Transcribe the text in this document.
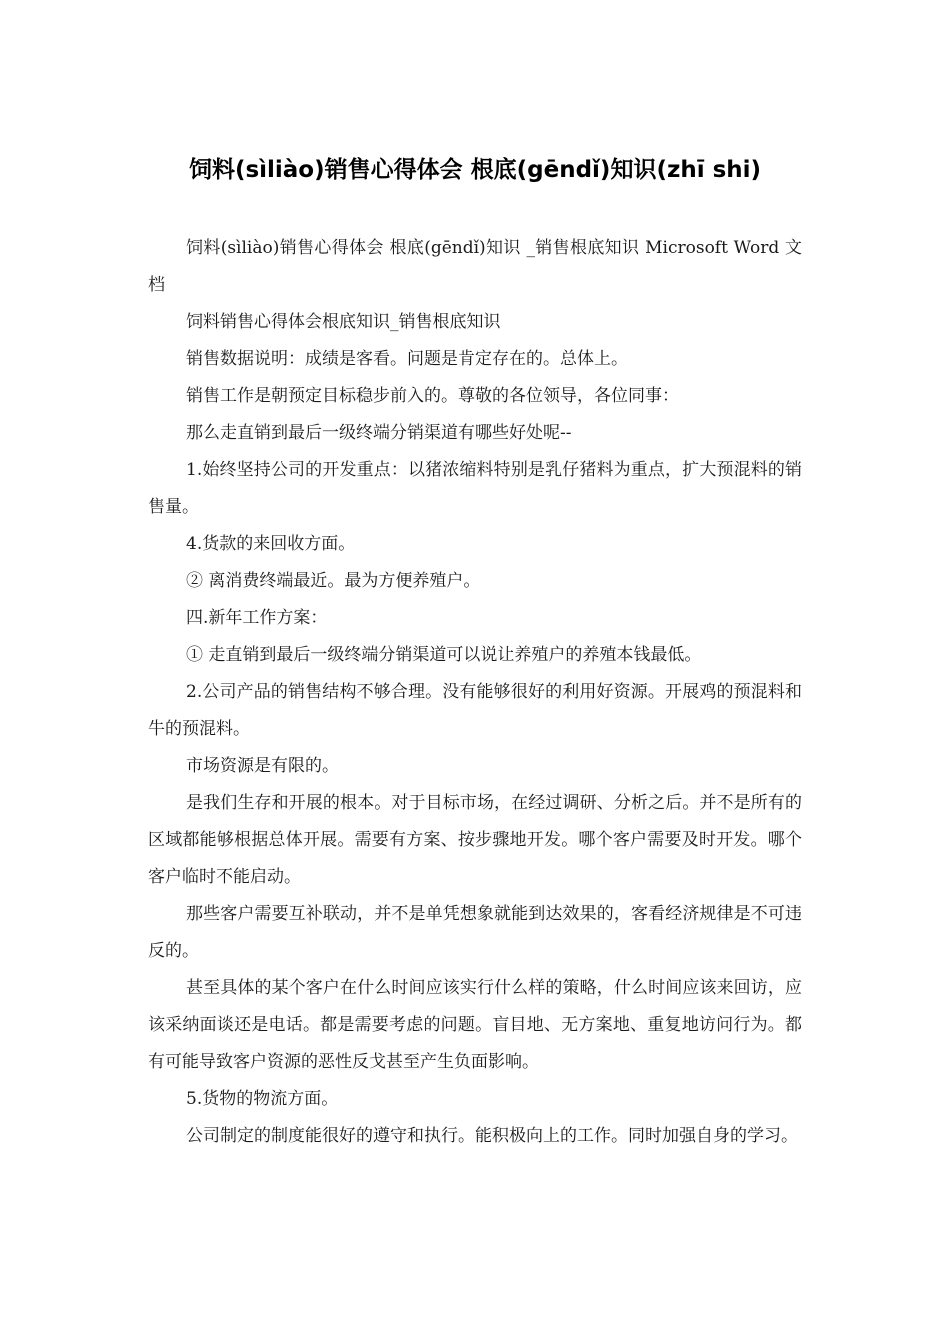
饲料(sìliào)销售心得体会 根底(gēndǐ)知识(zhī shi)

饲料(sìliào)销售心得体会 根底(gēndǐ)知识 _销售根底知识 Microsoft Word 文档

饲料销售心得体会根底知识_销售根底知识

销售数据说明：成绩是客看。问题是肯定存在的。总体上。

销售工作是朝预定目标稳步前入的。尊敬的各位领导，各位同事：

那么走直销到最后一级终端分销渠道有哪些好处呢--

1.始终坚持公司的开发重点：以猪浓缩料特别是乳仔猪料为重点，扩大预混料的销售量。

4.货款的来回收方面。

② 离消费终端最近。最为方便养殖户。

四.新年工作方案：

① 走直销到最后一级终端分销渠道可以说让养殖户的养殖本钱最低。

2.公司产品的销售结构不够合理。没有能够很好的利用好资源。开展鸡的预混料和牛的预混料。

市场资源是有限的。

是我们生存和开展的根本。对于目标市场，在经过调研、分析之后。并不是所有的区域都能够根据总体开展。需要有方案、按步骤地开发。哪个客户需要及时开发。哪个客户临时不能启动。

那些客户需要互补联动，并不是单凭想象就能到达效果的，客看经济规律是不可违反的。

甚至具体的某个客户在什么时间应该实行什么样的策略，什么时间应该来回访，应该采纳面谈还是电话。都是需要考虑的问题。盲目地、无方案地、重复地访问行为。都有可能导致客户资源的恶性反戈甚至产生负面影响。

5.货物的物流方面。

公司制定的制度能很好的遵守和执行。能积极向上的工作。同时加强自身的学习。
